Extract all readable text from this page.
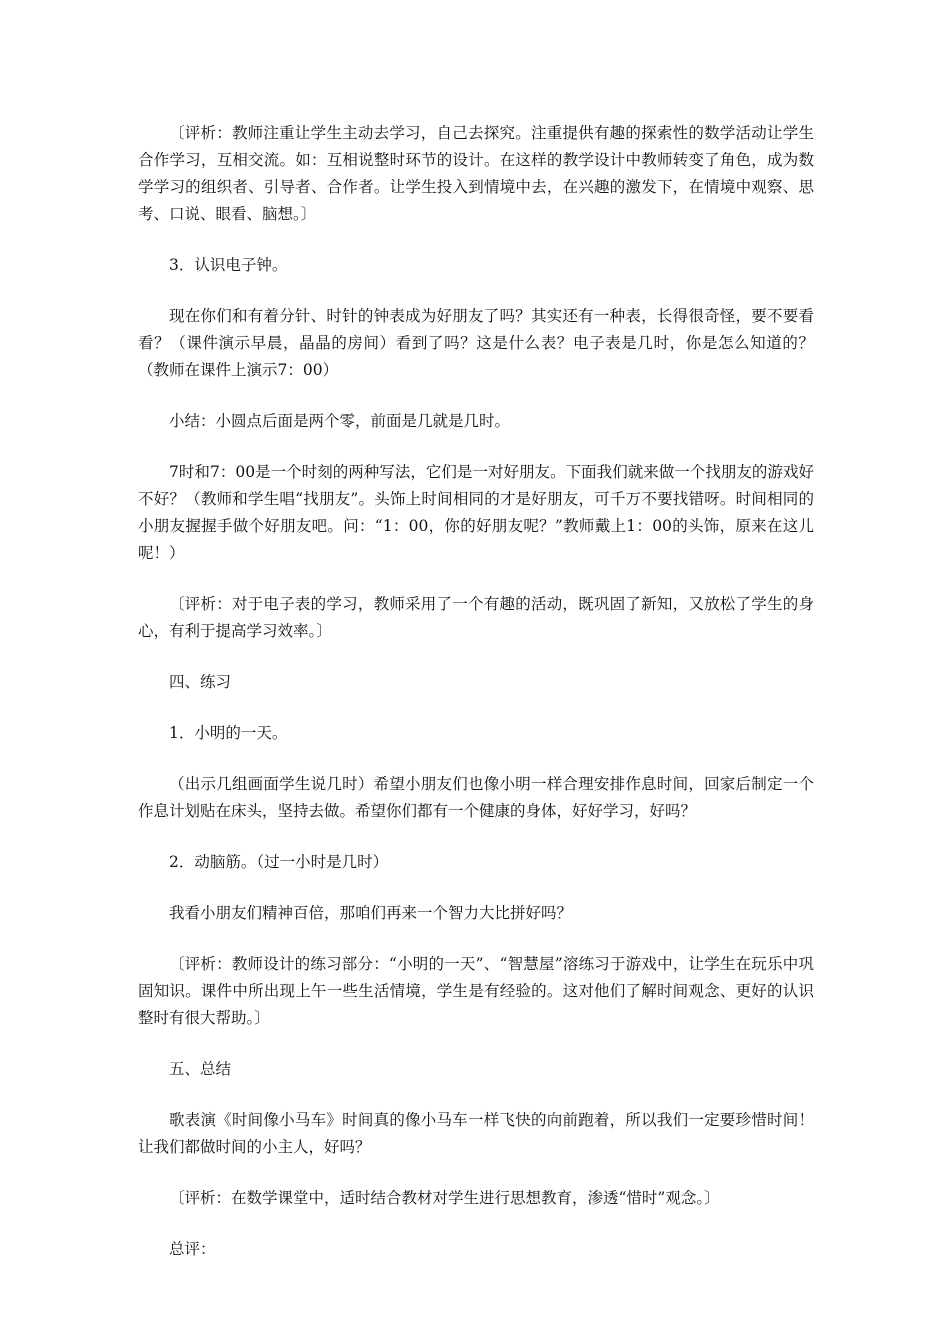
〔评析：教师注重让学生主动去学习，自己去探究。注重提供有趣的探索性的数学活动让学生合作学习，互相交流。如：互相说整时环节的设计。在这样的教学设计中教师转变了角色，成为数学学习的组织者、引导者、合作者。让学生投入到情境中去，在兴趣的激发下，在情境中观察、思考、口说、眼看、脑想。〕

3．认识电子钟。

现在你们和有着分针、时针的钟表成为好朋友了吗？其实还有一种表，长得很奇怪，要不要看看？（课件演示早晨，晶晶的房间）看到了吗？这是什么表？电子表是几时，你是怎么知道的？（教师在课件上演示7：00）

小结：小圆点后面是两个零，前面是几就是几时。

7时和7：00是一个时刻的两种写法，它们是一对好朋友。下面我们就来做一个找朋友的游戏好不好？（教师和学生唱“找朋友”。头饰上时间相同的才是好朋友，可千万不要找错呀。时间相同的小朋友握握手做个好朋友吧。问：“1：00，你的好朋友呢？”教师戴上1：00的头饰，原来在这儿呢！）

〔评析：对于电子表的学习，教师采用了一个有趣的活动，既巩固了新知，又放松了学生的身心，有利于提高学习效率。〕

四、练习

1．小明的一天。

（出示几组画面学生说几时）希望小朋友们也像小明一样合理安排作息时间，回家后制定一个作息计划贴在床头，坚持去做。希望你们都有一个健康的身体，好好学习，好吗？

2．动脑筋。（过一小时是几时）

我看小朋友们精神百倍，那咱们再来一个智力大比拼好吗？

〔评析：教师设计的练习部分：“小明的一天”、“智慧屋”溶练习于游戏中，让学生在玩乐中巩固知识。课件中所出现上午一些生活情境，学生是有经验的。这对他们了解时间观念、更好的认识整时有很大帮助。〕

五、总结

歌表演《时间像小马车》时间真的像小马车一样飞快的向前跑着，所以我们一定要珍惜时间！让我们都做时间的小主人，好吗？

〔评析：在数学课堂中，适时结合教材对学生进行思想教育，渗透“惜时”观念。〕

总评：
